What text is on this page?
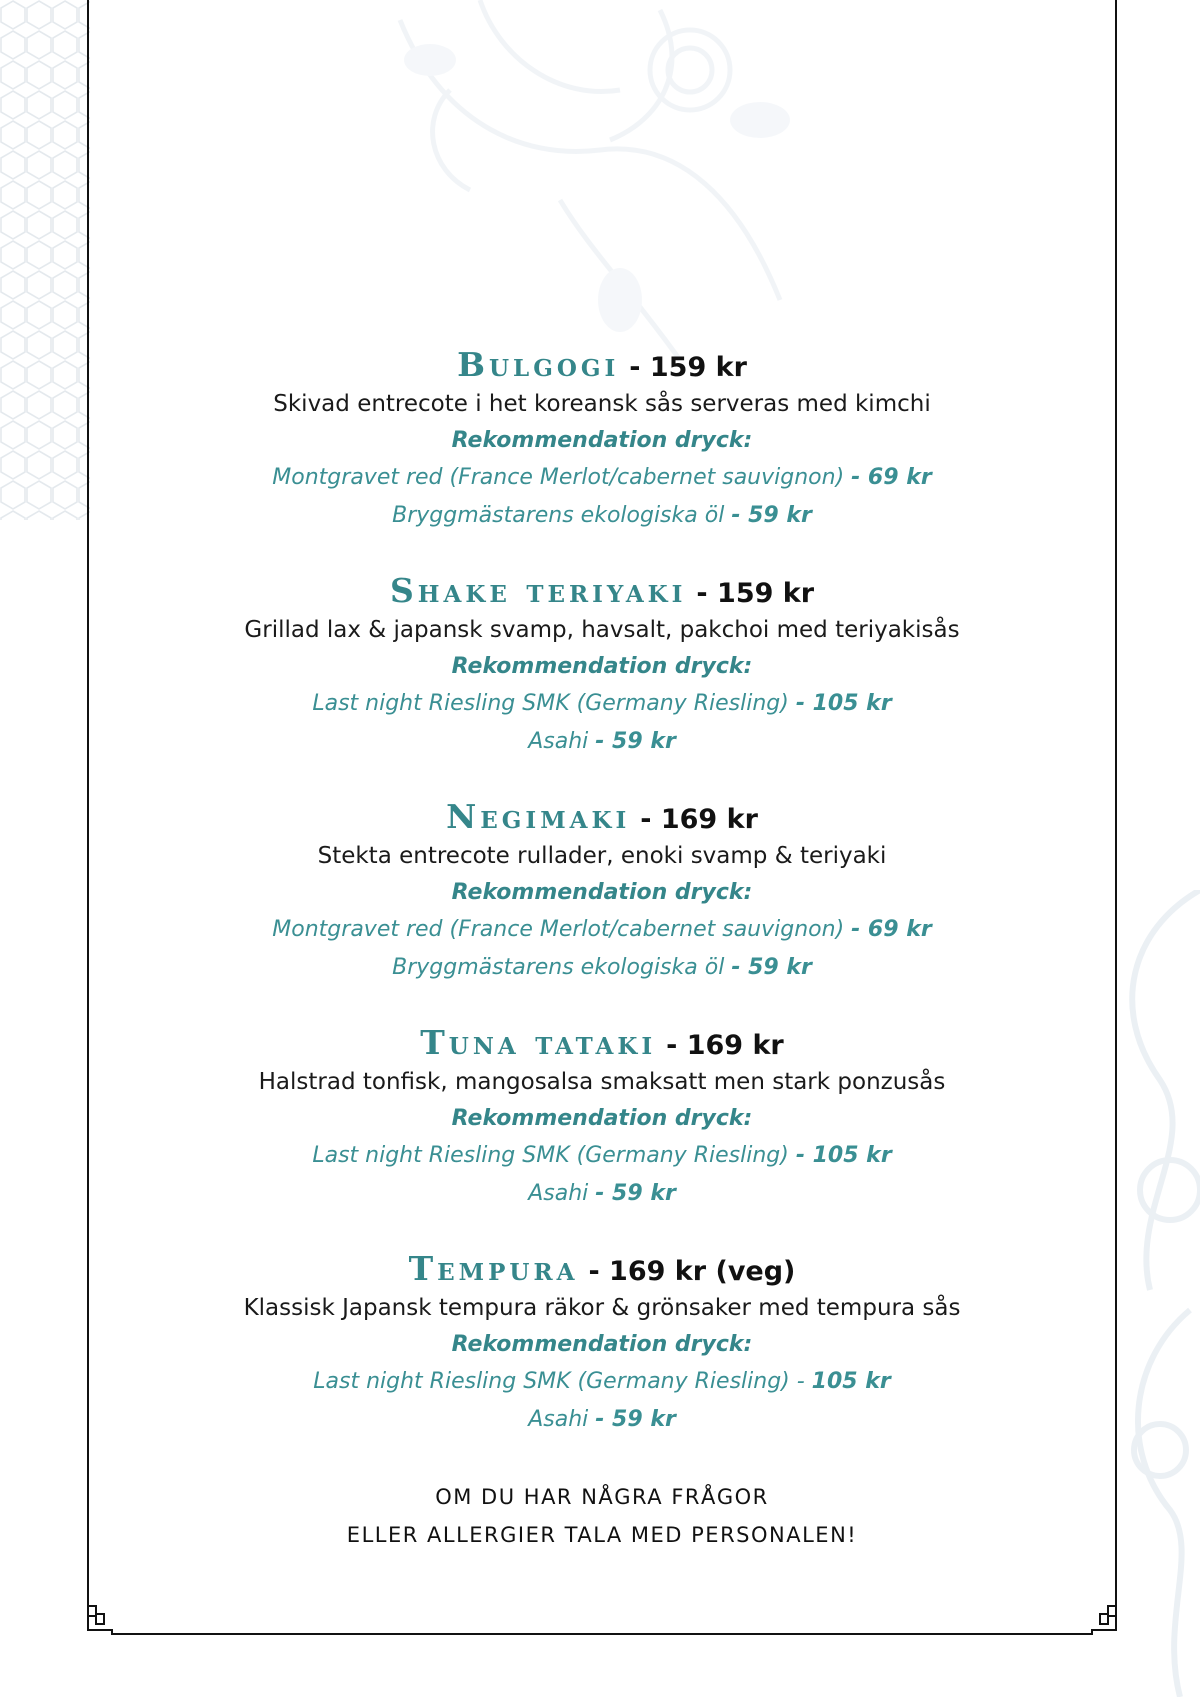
Bulgogi - 159 kr
Skivad entrecote i het koreansk sås serveras med kimchi
Rekommendation dryck:
Montgravet red (France Merlot/cabernet sauvignon) - 69 kr
Bryggmästarens ekologiska öl - 59 kr
Shake teriyaki - 159 kr
Grillad lax & japansk svamp, havsalt, pakchoi med teriyakisås
Rekommendation dryck:
Last night Riesling SMK (Germany Riesling) - 105 kr
Asahi - 59 kr
Negimaki - 169 kr
Stekta entrecote rullader, enoki svamp & teriyaki
Rekommendation dryck:
Montgravet red (France Merlot/cabernet sauvignon) - 69 kr
Bryggmästarens ekologiska öl - 59 kr
Tuna tataki - 169 kr
Halstrad tonfisk, mangosalsa smaksatt men stark ponzusås
Rekommendation dryck:
Last night Riesling SMK (Germany Riesling) - 105 kr
Asahi - 59 kr
Tempura - 169 kr (veg)
Klassisk Japansk tempura räkor & grönsaker med tempura sås
Rekommendation dryck:
Last night Riesling SMK (Germany Riesling) - 105 kr
Asahi - 59 kr
OM DU HAR NÅGRA FRÅGOR
ELLER ALLERGIER TALA MED PERSONALEN!
